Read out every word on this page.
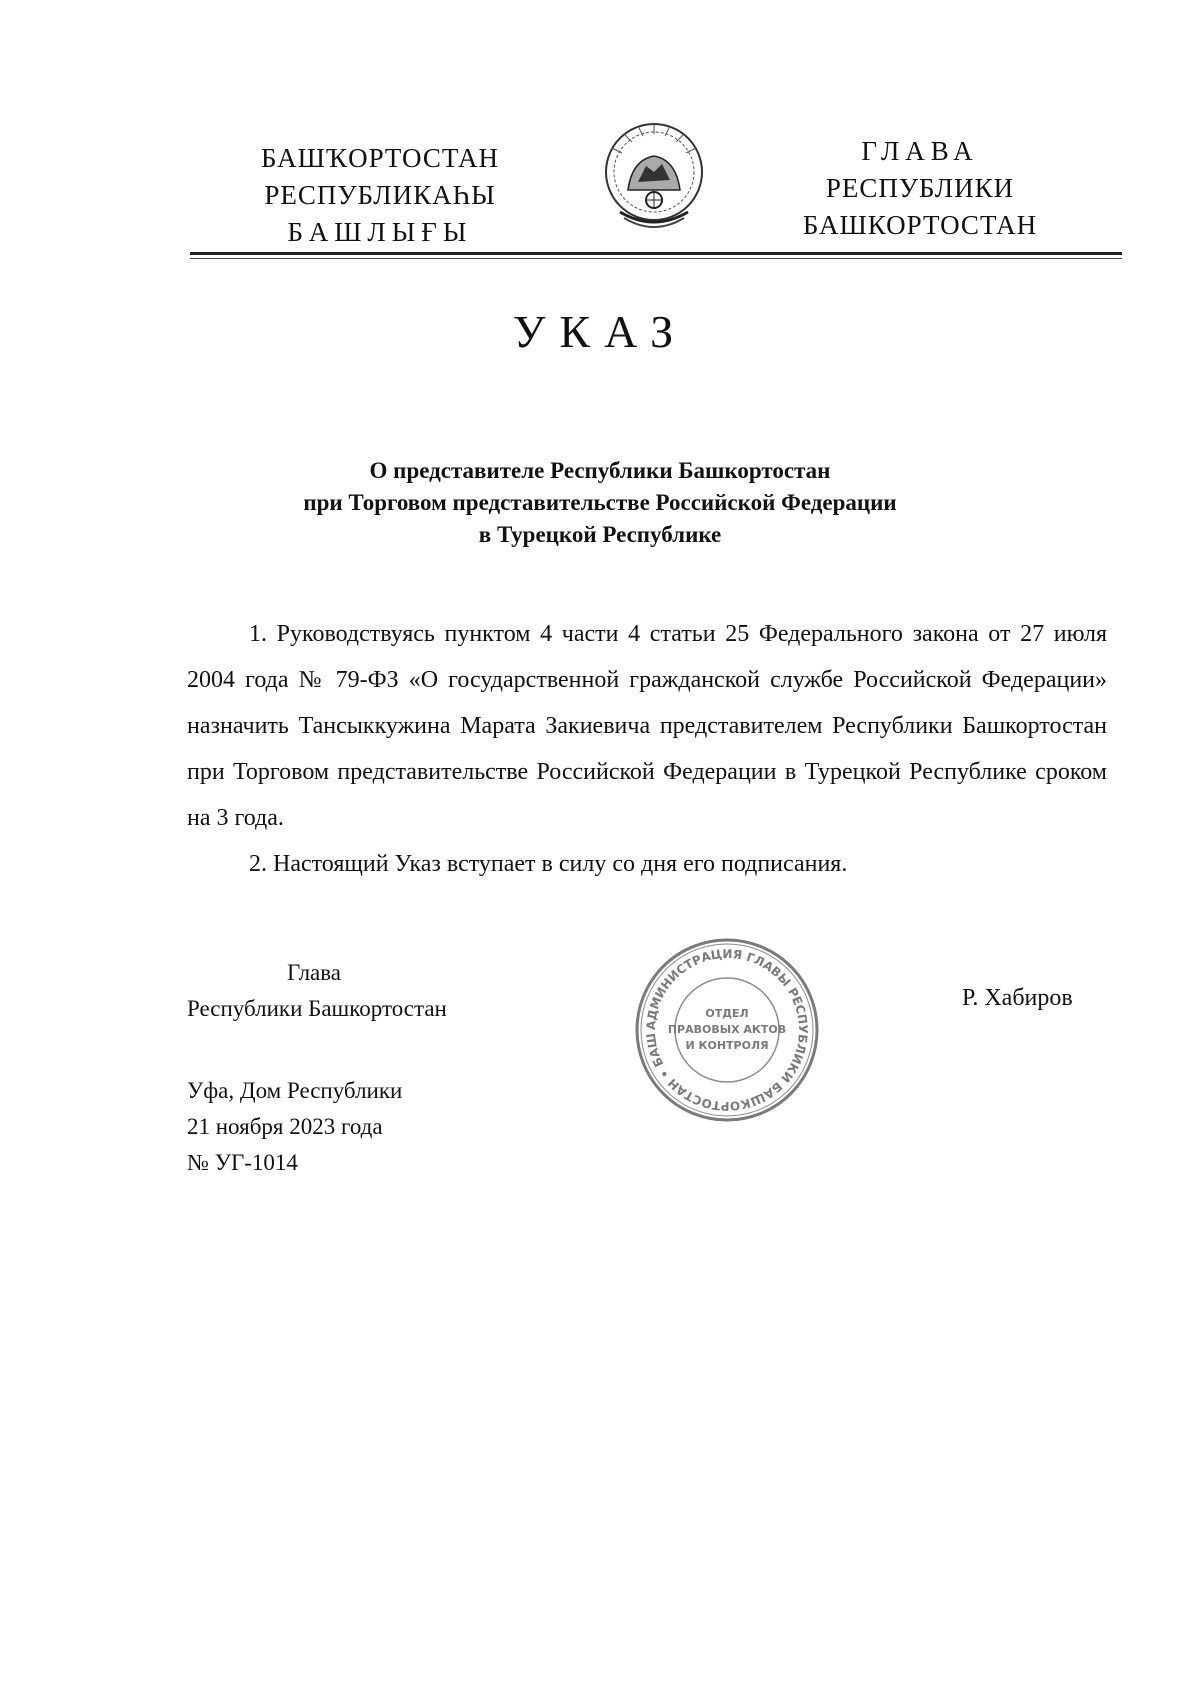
БАШҠОРТОСТАН
РЕСПУБЛИКАҺЫ
БАШЛЫҒЫ
ГЛАВА
РЕСПУБЛИКИ
БАШКОРТОСТАН
УКАЗ
О представителе Республики Башкортостан
при Торговом представительстве Российской Федерации
в Турецкой Республике

1. Руководствуясь пунктом 4 части 4 статьи 25 Федерального закона от 27 июля 2004 года № 79-ФЗ «О государственной гражданской службе Российской Федерации» назначить Тансыккужина Марата Закиевича представителем Республики Башкортостан при Торговом представительстве Российской Федерации в Турецкой Республике сроком на 3 года.

2. Настоящий Указ вступает в силу со дня его подписания.

Глава
Республики Башкортостан
АДМИНИСТРАЦИЯ ГЛАВЫ РЕСПУБЛИКИ БАШКОРТОСТАН • БАШ
ОТДЕЛ
ПРАВОВЫХ АКТОВ
И КОНТРОЛЯ
Р. Хабиров
Уфа, Дом Республики
21 ноября 2023 года
№ УГ-1014
